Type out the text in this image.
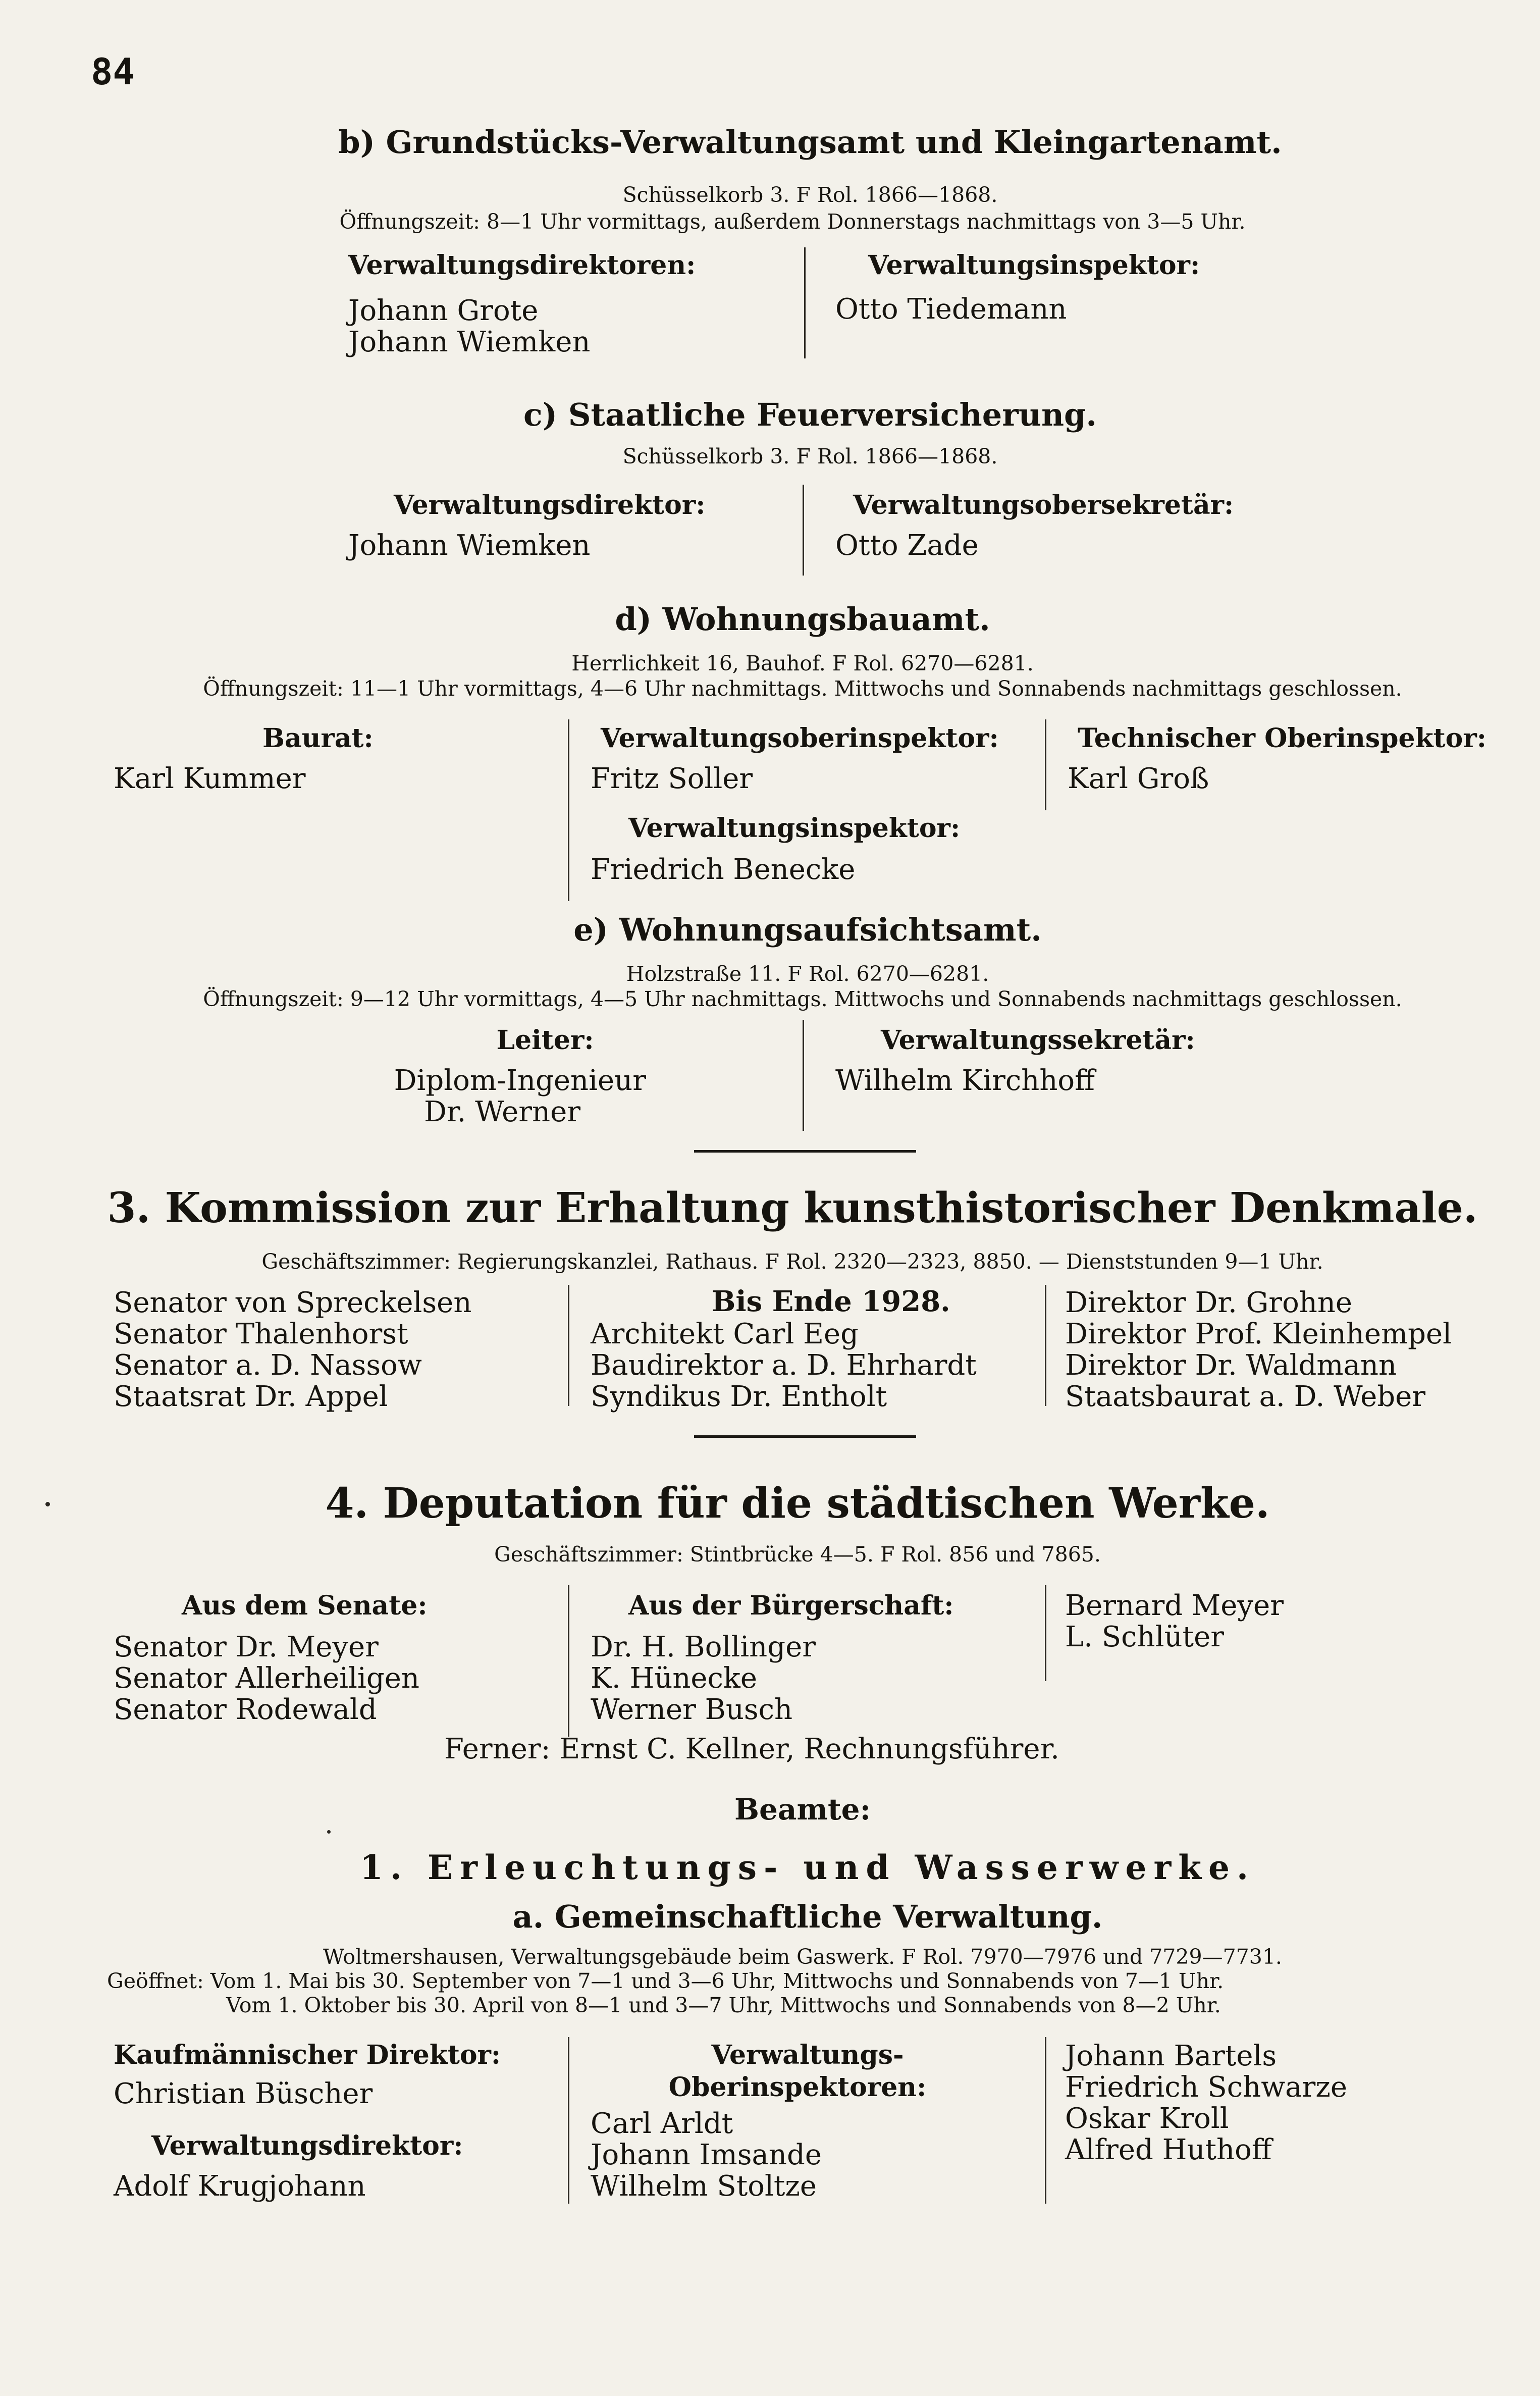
84
b) Grundstücks-Verwaltungsamt und Kleingartenamt.
Schüsselkorb 3. F Rol. 1866—1868.
Öffnungszeit: 8—1 Uhr vormittags, außerdem Donnerstags nachmittags von 3—5 Uhr.
Verwaltungsdirektoren:
Johann Grote
Johann Wiemken
Verwaltungsinspektor:
Otto Tiedemann
c) Staatliche Feuerversicherung.
Schüsselkorb 3. F Rol. 1866—1868.
Verwaltungsdirektor:
Johann Wiemken
Verwaltungsobersekretär:
Otto Zade
d) Wohnungsbauamt.
Herrlichkeit 16, Bauhof. F Rol. 6270—6281.
Öffnungszeit: 11—1 Uhr vormittags, 4—6 Uhr nachmittags. Mittwochs und Sonnabends nachmittags geschlossen.
Baurat:
Karl Kummer
Verwaltungsoberinspektor:
Fritz Soller
Verwaltungsinspektor:
Friedrich Benecke
Technischer Oberinspektor:
Karl Groß
e) Wohnungsaufsichtsamt.
Holzstraße 11. F Rol. 6270—6281.
Öffnungszeit: 9—12 Uhr vormittags, 4—5 Uhr nachmittags. Mittwochs und Sonnabends nachmittags geschlossen.
Leiter:
Diplom-Ingenieur
Dr. Werner
Verwaltungssekretär:
Wilhelm Kirchhoff
3. Kommission zur Erhaltung kunsthistorischer Denkmale.
Geschäftszimmer: Regierungskanzlei, Rathaus. F Rol. 2320—2323, 8850. — Dienststunden 9—1 Uhr.
Senator von Spreckelsen
Senator Thalenhorst
Senator a. D. Nassow
Staatsrat Dr. Appel
Bis Ende 1928.
Architekt Carl Eeg
Baudirektor a. D. Ehrhardt
Syndikus Dr. Entholt
Direktor Dr. Grohne
Direktor Prof. Kleinhempel
Direktor Dr. Waldmann
Staatsbaurat a. D. Weber
4. Deputation für die städtischen Werke.
Geschäftszimmer: Stintbrücke 4—5. F Rol. 856 und 7865.
Aus dem Senate:
Senator Dr. Meyer
Senator Allerheiligen
Senator Rodewald
Aus der Bürgerschaft:
Dr. H. Bollinger
K. Hünecke
Werner Busch
Bernard Meyer
L. Schlüter
Ferner: Ernst C. Kellner, Rechnungsführer.
Beamte:
1. Erleuchtungs- und Wasserwerke.
a. Gemeinschaftliche Verwaltung.
Woltmershausen, Verwaltungsgebäude beim Gaswerk. F Rol. 7970—7976 und 7729—7731.
Geöffnet: Vom 1. Mai bis 30. September von 7—1 und 3—6 Uhr, Mittwochs und Sonnabends von 7—1 Uhr.
Vom 1. Oktober bis 30. April von 8—1 und 3—7 Uhr, Mittwochs und Sonnabends von 8—2 Uhr.
Kaufmännischer Direktor:
Christian Büscher
Verwaltungsdirektor:
Adolf Krugjohann
Verwaltungs-
Oberinspektoren:
Carl Arldt
Johann Imsande
Wilhelm Stoltze
Johann Bartels
Friedrich Schwarze
Oskar Kroll
Alfred Huthoff
